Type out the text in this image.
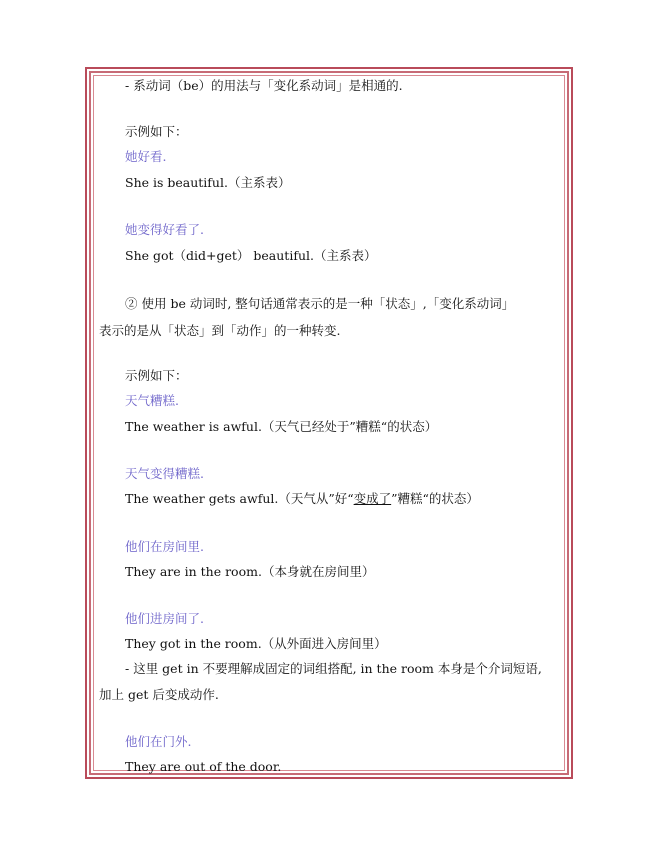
- 系动词（be）的用法与「变化系动词」是相通的.
示例如下：
她好看.
She is beautiful.（主系表）
她变得好看了.
She got（did+get） beautiful.（主系表）
② 使用 be 动词时, 整句话通常表示的是一种「状态」,「变化系动词」
表示的是从「状态」到「动作」的一种转变.
示例如下：
天气糟糕.
The weather is awful.（天气已经处于”糟糕“的状态）
天气变得糟糕.
The weather gets awful.（天气从”好“变成了”糟糕“的状态）
他们在房间里.
They are in the room.（本身就在房间里）
他们进房间了.
They got in the room.（从外面进入房间里）
- 这里 get in 不要理解成固定的词组搭配, in the room 本身是个介词短语,
加上 get 后变成动作.
他们在门外.
They are out of the door.
